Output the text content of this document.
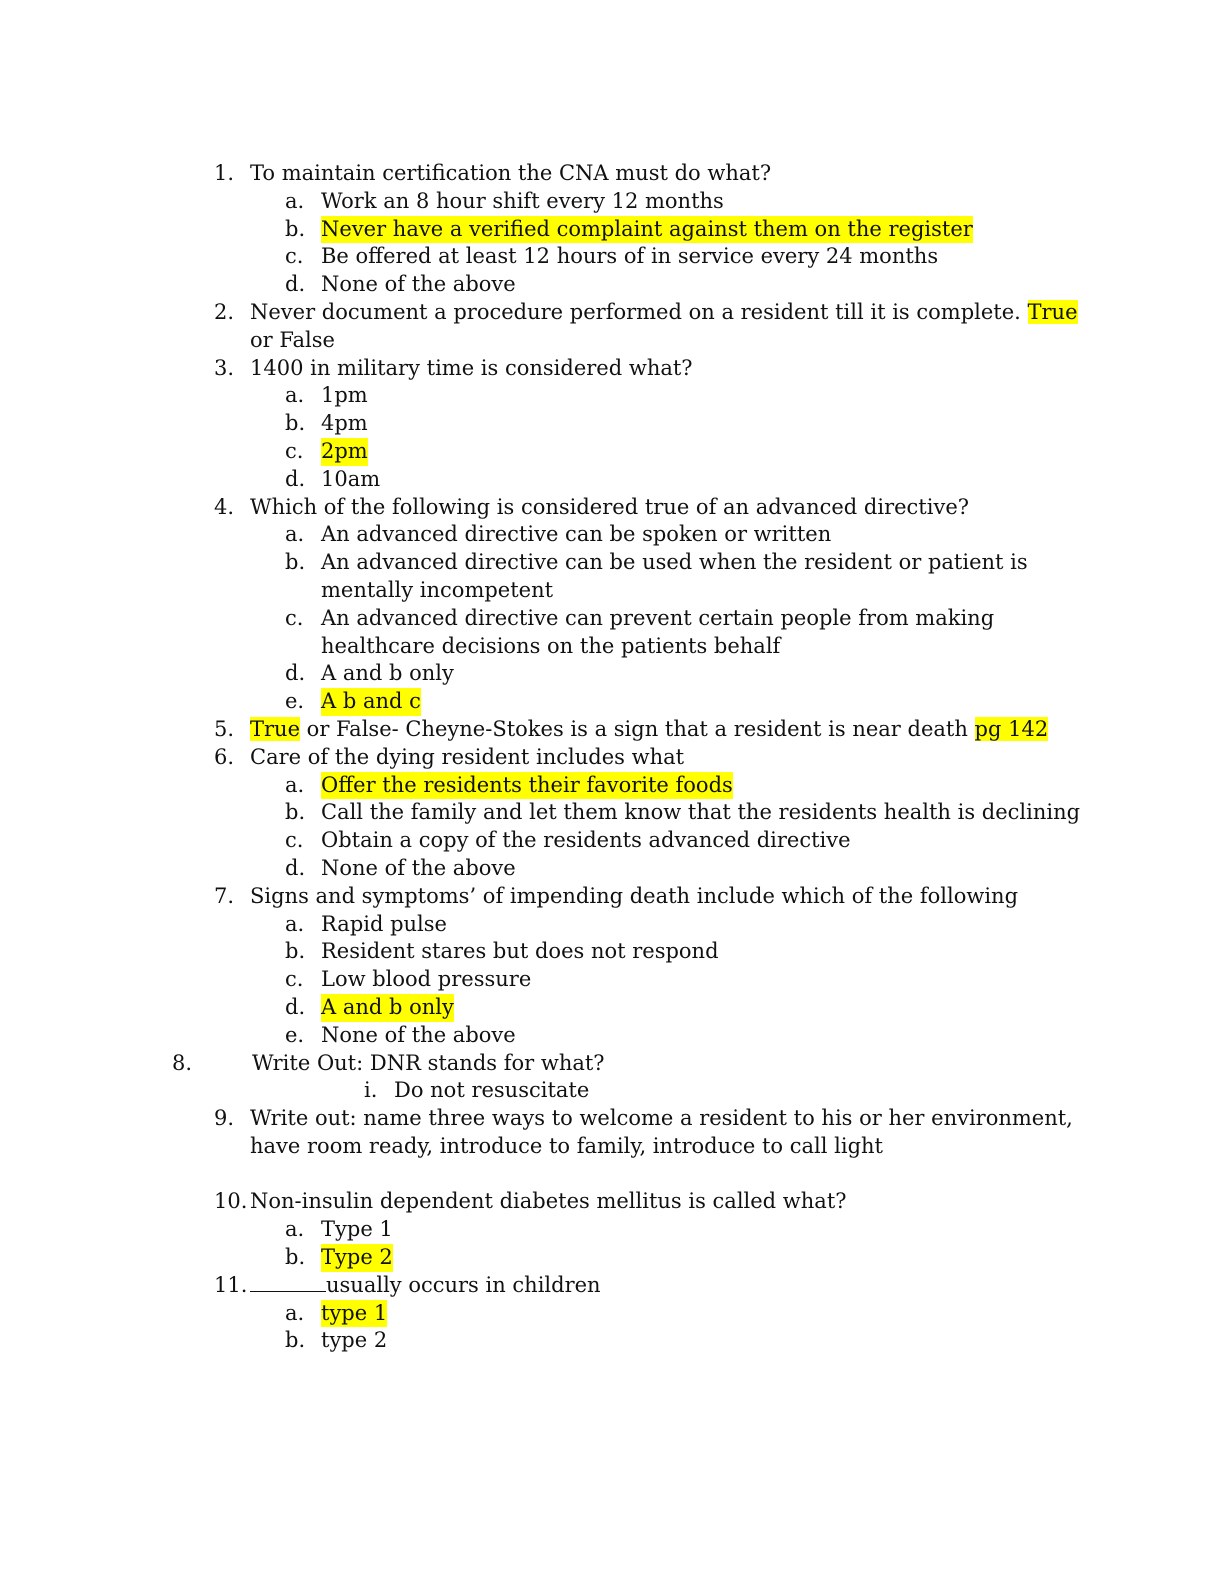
1. To maintain certification the CNA must do what?
a. Work an 8 hour shift every 12 months
b. Never have a verified complaint against them on the register
c. Be offered at least 12 hours of in service every 24 months
d. None of the above
2. Never document a procedure performed on a resident till it is complete. True
or False
3. 1400 in military time is considered what?
a. 1pm
b. 4pm
c. 2pm
d. 10am
4. Which of the following is considered true of an advanced directive?
a. An advanced directive can be spoken or written
b. An advanced directive can be used when the resident or patient is
mentally incompetent
c. An advanced directive can prevent certain people from making
healthcare decisions on the patients behalf
d. A and b only
e. A b and c
5. True or False- Cheyne-Stokes is a sign that a resident is near death pg 142
6. Care of the dying resident includes what
a. Offer the residents their favorite foods
b. Call the family and let them know that the residents health is declining
c. Obtain a copy of the residents advanced directive
d. None of the above
7. Signs and symptoms’ of impending death include which of the following
a. Rapid pulse
b. Resident stares but does not respond
c. Low blood pressure
d. A and b only
e. None of the above
8.	Write Out: DNR stands for what?
i. Do not resuscitate
9. Write out: name three ways to welcome a resident to his or her environment,
have room ready, introduce to family, introduce to call light
10. Non-insulin dependent diabetes mellitus is called what?
a. Type 1
b. Type 2
11.	usually occurs in children
a. type 1
b. type 2
